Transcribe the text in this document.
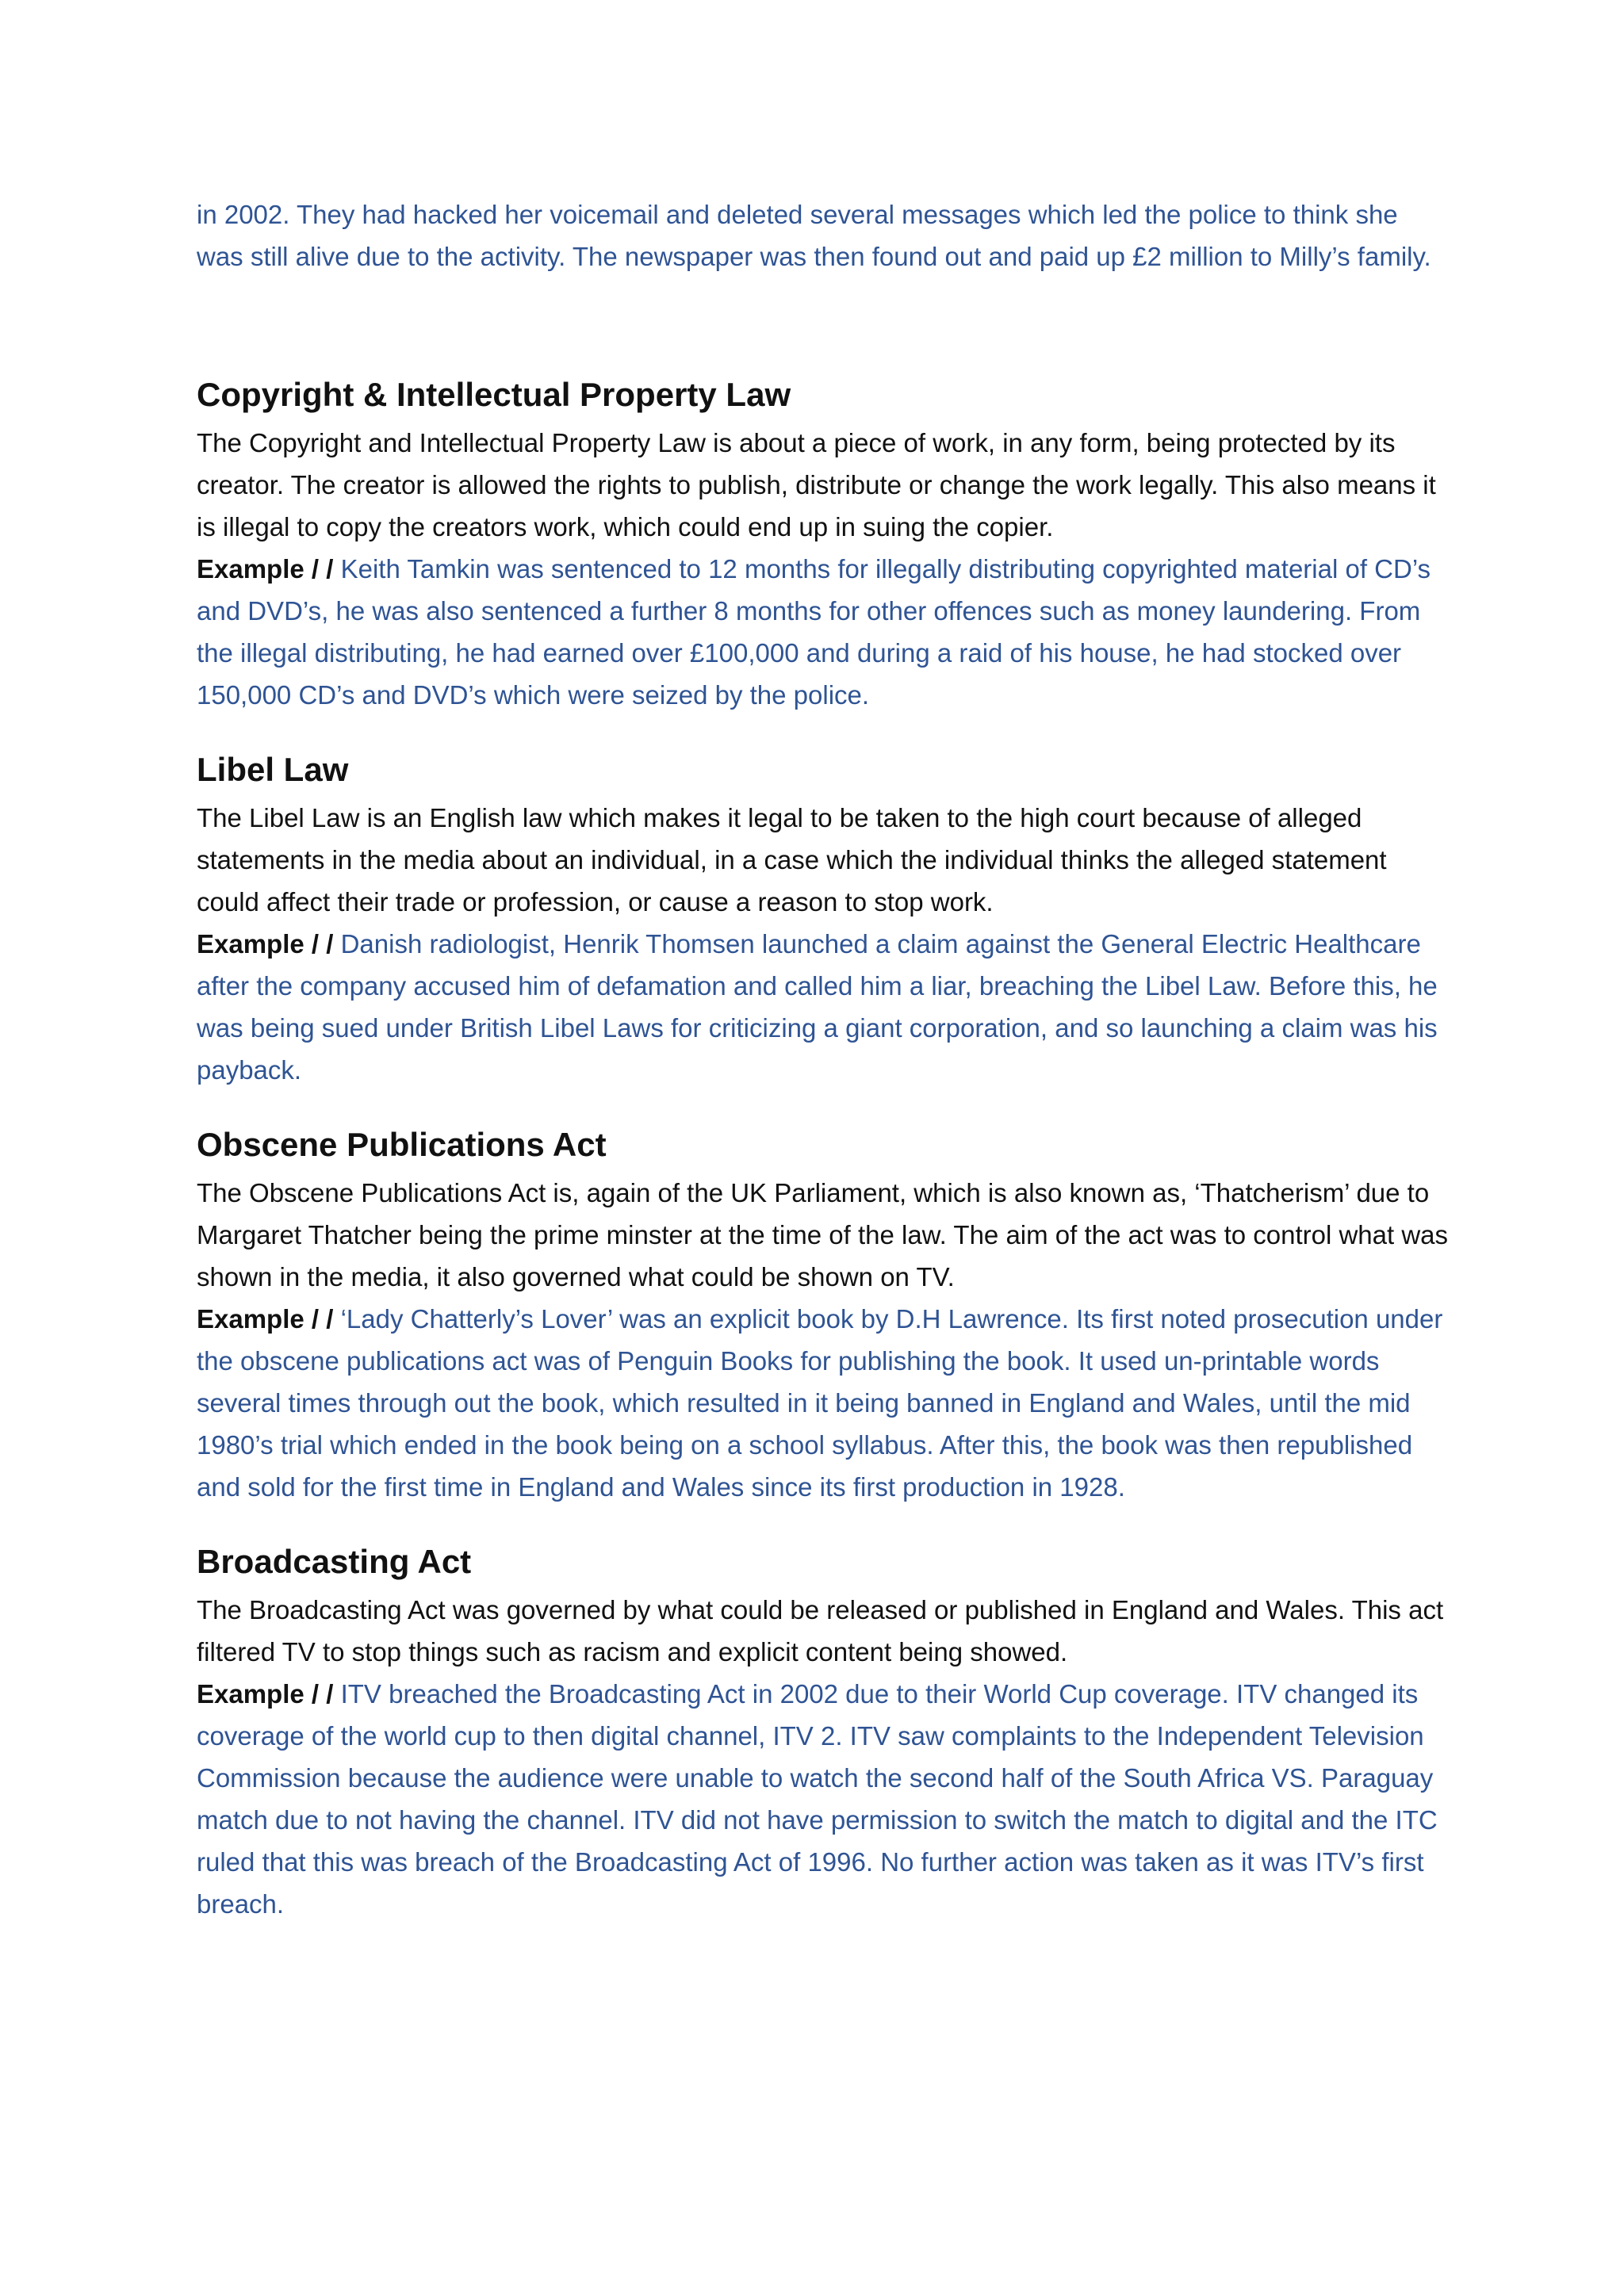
in 2002. They had hacked her voicemail and deleted several messages which led the police to think she was still alive due to the activity. The newspaper was then found out and paid up £2 million to Milly’s family.

Copyright & Intellectual Property Law

The Copyright and Intellectual Property Law is about a piece of work, in any form, being protected by its creator. The creator is allowed the rights to publish, distribute or change the work legally. This also means it is illegal to copy the creators work, which could end up in suing the copier.

Example / / Keith Tamkin was sentenced to 12 months for illegally distributing copyrighted material of CD’s and DVD’s, he was also sentenced a further 8 months for other offences such as money laundering. From the illegal distributing, he had earned over £100,000 and during a raid of his house, he had stocked over 150,000 CD’s and DVD’s which were seized by the police.

Libel Law

The Libel Law is an English law which makes it legal to be taken to the high court because of alleged statements in the media about an individual, in a case which the individual thinks the alleged statement could affect their trade or profession, or cause a reason to stop work.

Example / / Danish radiologist, Henrik Thomsen launched a claim against the General Electric Healthcare after the company accused him of defamation and called him a liar, breaching the Libel Law. Before this, he was being sued under British Libel Laws for criticizing a giant corporation, and so launching a claim was his payback.

Obscene Publications Act

The Obscene Publications Act is, again of the UK Parliament, which is also known as, ‘Thatcherism’ due to Margaret Thatcher being the prime minster at the time of the law. The aim of the act was to control what was shown in the media, it also governed what could be shown on TV.

Example / / ‘Lady Chatterly’s Lover’ was an explicit book by D.H Lawrence. Its first noted prosecution under the obscene publications act was of Penguin Books for publishing the book. It used un-printable words several times through out the book, which resulted in it being banned in England and Wales, until the mid 1980’s trial which ended in the book being on a school syllabus. After this, the book was then republished and sold for the first time in England and Wales since its first production in 1928.

Broadcasting Act

The Broadcasting Act was governed by what could be released or published in England and Wales. This act filtered TV to stop things such as racism and explicit content being showed.

Example / / ITV breached the Broadcasting Act in 2002 due to their World Cup coverage. ITV changed its coverage of the world cup to then digital channel, ITV 2. ITV saw complaints to the Independent Television Commission because the audience were unable to watch the second half of the South Africa VS. Paraguay match due to not having the channel. ITV did not have permission to switch the match to digital and the ITC ruled that this was breach of the Broadcasting Act of 1996. No further action was taken as it was ITV’s first breach.
